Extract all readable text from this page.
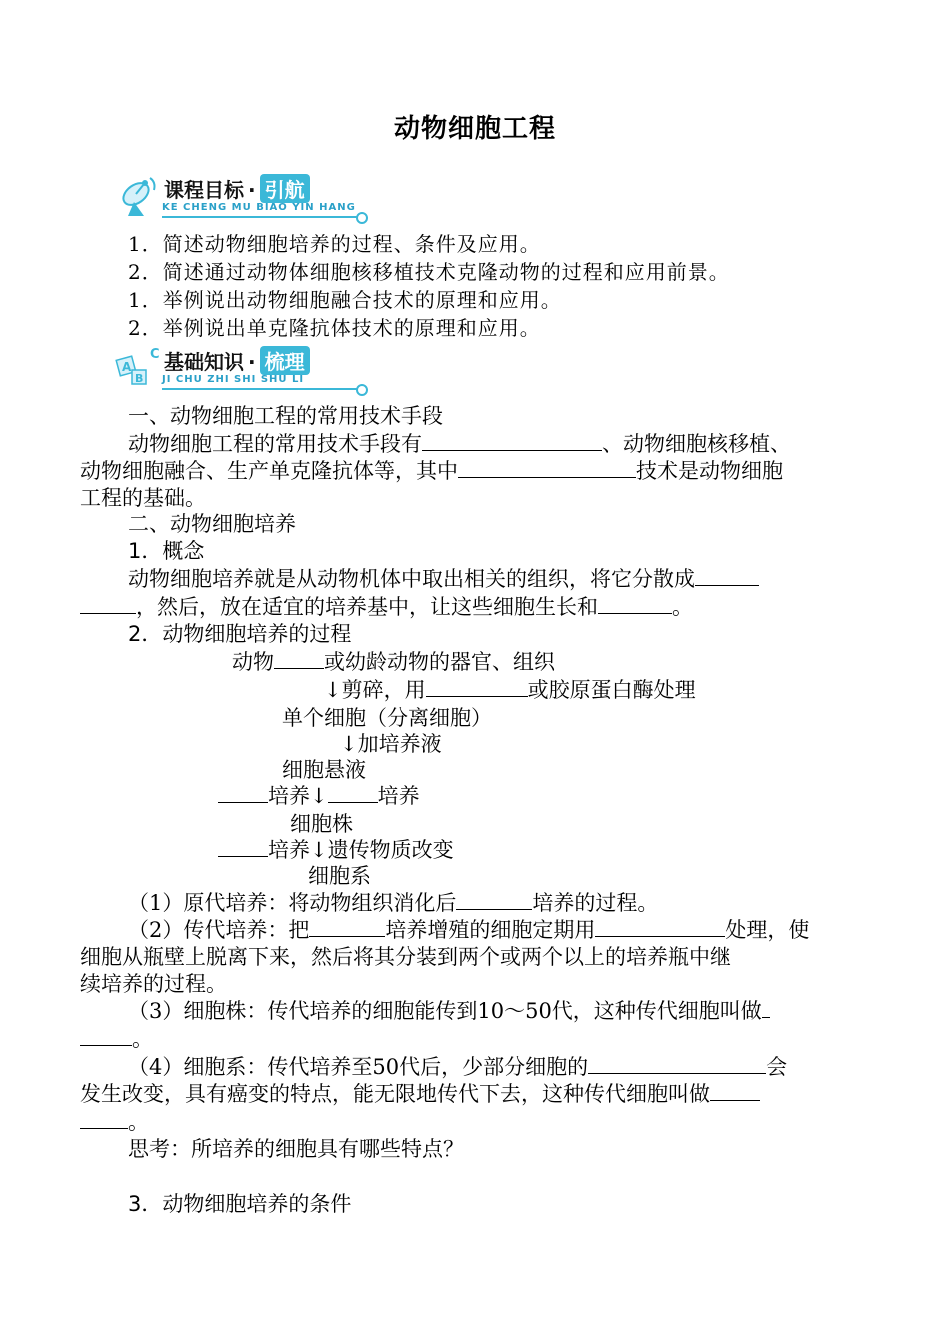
动物细胞工程
课程目标 · 引航
KE CHENG MU BIAO YIN HANG
1．简述动物细胞培养的过程、条件及应用。
2．简述通过动物体细胞核移植技术克隆动物的过程和应用前景。
1．举例说出动物细胞融合技术的原理和应用。
2．举例说出单克隆抗体技术的原理和应用。
C
A
B
基础知识 · 梳理
JI CHU ZHI SHI SHU LI
一、动物细胞工程的常用技术手段
动物细胞工程的常用技术手段有	、动物细胞核移植、
动物细胞融合、生产单克隆抗体等，其中	技术是动物细胞
工程的基础。
二、动物细胞培养
1．概念
动物细胞培养就是从动物机体中取出相关的组织，将它分散成
，然后，放在适宜的培养基中，让这些细胞生长和	。
2．动物细胞培养的过程
动物 或幼龄动物的器官、组织
↓剪碎，用	或胶原蛋白酶处理
单个细胞（分离细胞）
↓加培养液
细胞悬液
培养↓ 培养
细胞株
培养↓遗传物质改变
细胞系
（1）原代培养：将动物组织消化后	培养的过程。
（2）传代培养：把	培养增殖的细胞定期用	处理，使
细胞从瓶壁上脱离下来，然后将其分装到两个或两个以上的培养瓶中继
续培养的过程。
（3）细胞株：传代培养的细胞能传到10～50代，这种传代细胞叫做
。
（4）细胞系：传代培养至50代后，少部分细胞的	会
发生改变，具有癌变的特点，能无限地传代下去，这种传代细胞叫做
。
思考：所培养的细胞具有哪些特点？
3．动物细胞培养的条件
